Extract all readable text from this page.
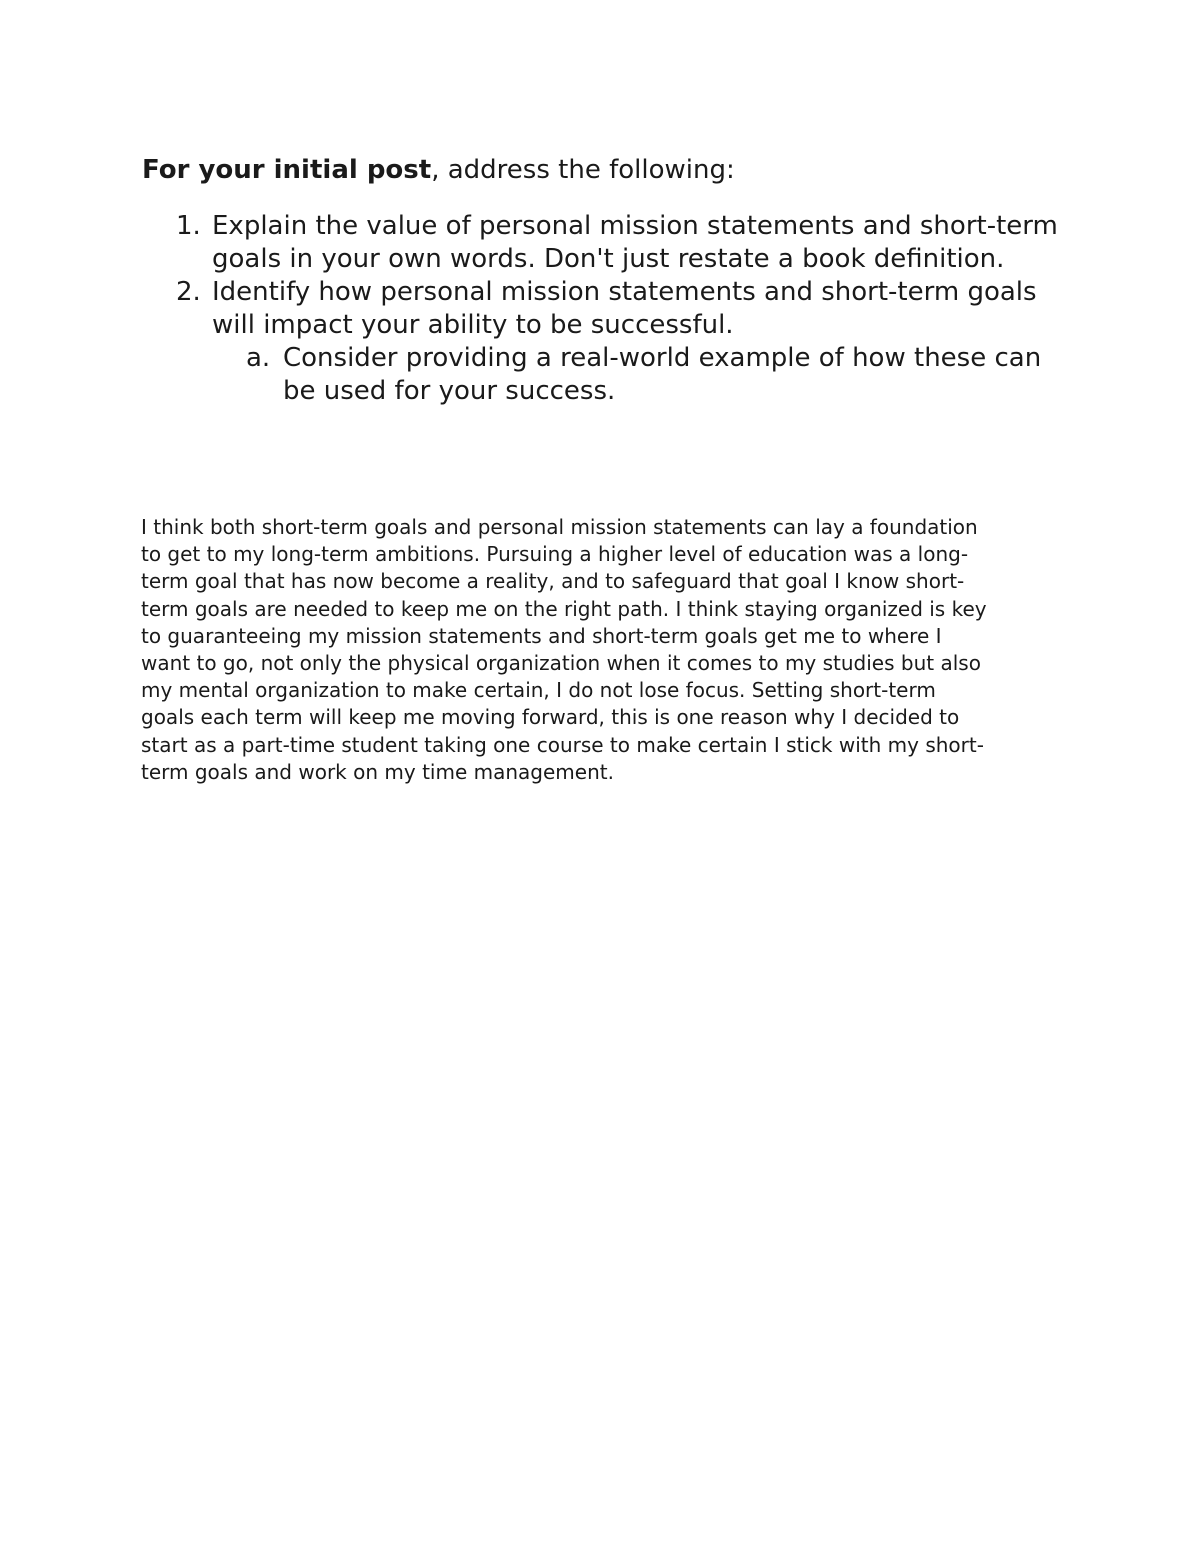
For your initial post, address the following:

1. Explain the value of personal mission statements and short-term goals in your own words. Don't just restate a book definition.
2. Identify how personal mission statements and short-term goals will impact your ability to be successful.
a. Consider providing a real-world example of how these can be used for your success.

I think both short-term goals and personal mission statements can lay a foundation
to get to my long-term ambitions. Pursuing a higher level of education was a long-
term goal that has now become a reality, and to safeguard that goal I know short-
term goals are needed to keep me on the right path. I think staying organized is key
to guaranteeing my mission statements and short-term goals get me to where I
want to go, not only the physical organization when it comes to my studies but also
my mental organization to make certain, I do not lose focus. Setting short-term
goals each term will keep me moving forward, this is one reason why I decided to
start as a part-time student taking one course to make certain I stick with my short-
term goals and work on my time management.
